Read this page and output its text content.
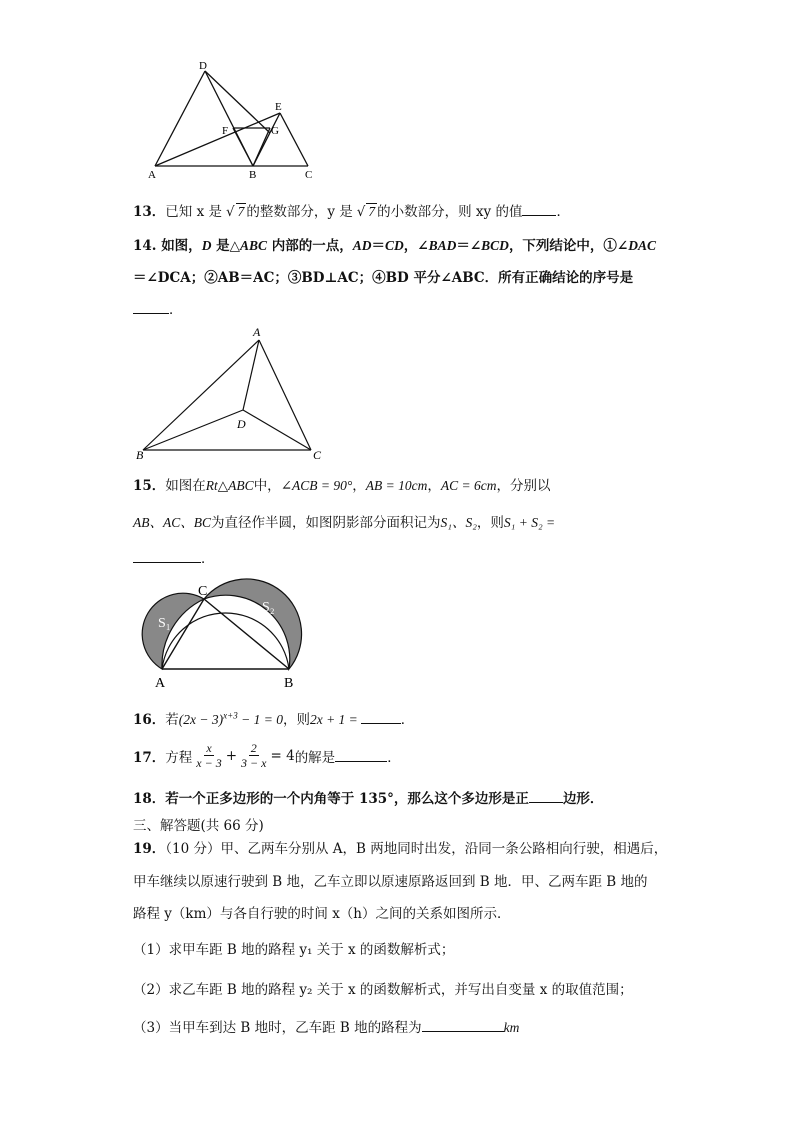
D
E
F	G
A	B	C
13．已知 x 是 √ 7 的整数部分，y 是 √ 7 的小数部分，则 xy 的值	．
14. 如图，D 是△ABC 内部的一点，AD＝CD，∠BAD＝∠BCD，下列结论中，①∠DAC
＝∠DCA；②AB＝AC；③BD⊥AC；④BD 平分∠ABC．所有正确结论的序号是
．
A
D
B	C
15．如图在Rt△ABC中，∠ACB = 90°，AB = 10cm，AC = 6cm，分别以
AB、AC、BC为直径作半圆，如图阴影部分面积记为S₁、S₂，则S₁ + S₂ =
．
C
S₁
S₂
A	B
16．若$(2x - 3)^{x+3} - 1 = 0$，则2x + 1 =	．
17． 方程 $\frac{x}{x - 3} + \frac{2}{3 - x} = 4$ 的解是	．
18．若一个正多边形的一个内角等于 135°，那么这个多边形是正	边形．
三、解答题(共 66 分)
19．（10 分）甲、乙两车分别从 A，B 两地同时出发，沿同一条公路相向行驶，相遇后，
甲车继续以原速行驶到 B 地，乙车立即以原速原路返回到 B 地．甲、乙两车距 B 地的
路程 y（km）与各自行驶的时间 x（h）之间的关系如图所示．
（1）求甲车距 B 地的路程 y₁ 关于 x 的函数解析式；
（2）求乙车距 B 地的路程 y₂ 关于 x 的函数解析式，并写出自变量 x 的取值范围；
（3）当甲车到达 B 地时，乙车距 B 地的路程为	km
